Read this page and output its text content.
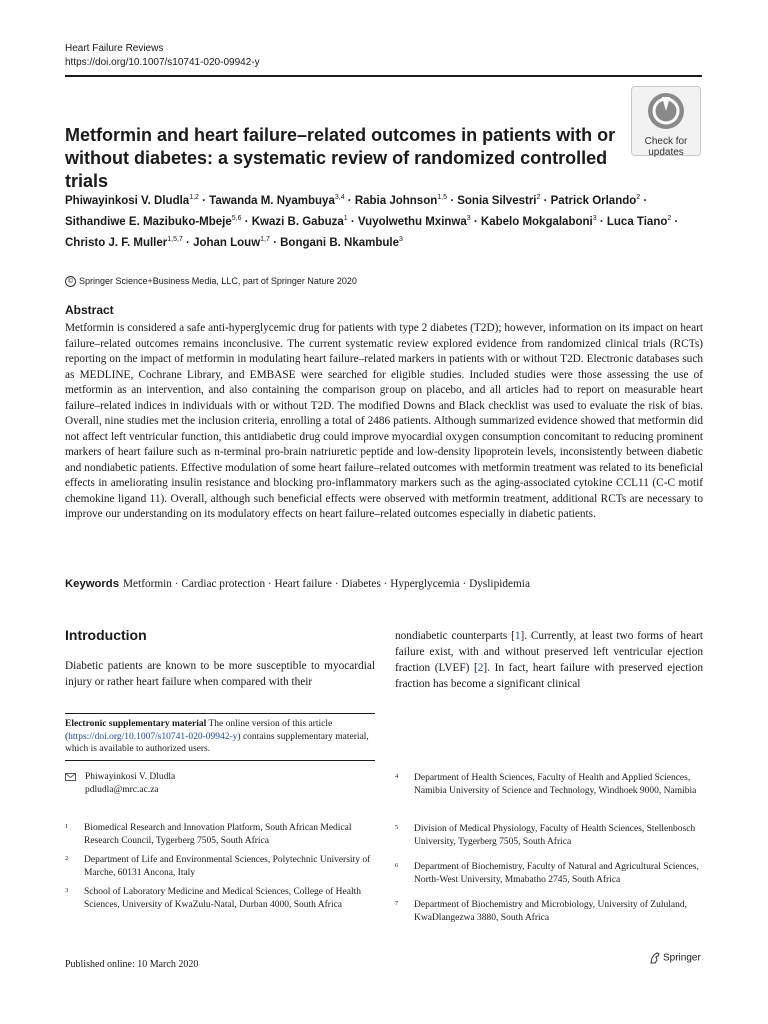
Heart Failure Reviews
https://doi.org/10.1007/s10741-020-09942-y
Check for
updates
Metformin and heart failure–related outcomes in patients with or without diabetes: a systematic review of randomized controlled trials
Phiwayinkosi V. Dludla$^{1,2}$ · Tawanda M. Nyambuya$^{3,4}$ · Rabia Johnson$^{1,5}$ · Sonia Silvestri$^2$ · Patrick Orlando$^2$ · Sithandiwe E. Mazibuko-Mbeje$^{5,6}$ · Kwazi B. Gabuza$^1$ · Vuyolwethu Mxinwa$^3$ · Kabelo Mokgalaboni$^3$ · Luca Tiano$^2$ · Christo J. F. Muller$^{1,5,7}$ · Johan Louw$^{1,7}$ · Bongani B. Nkambule$^3$
© Springer Science+Business Media, LLC, part of Springer Nature 2020
Abstract
Metformin is considered a safe anti-hyperglycemic drug for patients with type 2 diabetes (T2D); however, information on its impact on heart failure–related outcomes remains inconclusive. The current systematic review explored evidence from randomized clinical trials (RCTs) reporting on the impact of metformin in modulating heart failure–related markers in patients with or without T2D. Electronic databases such as MEDLINE, Cochrane Library, and EMBASE were searched for eligible studies. Included studies were those assessing the use of metformin as an intervention, and also containing the comparison group on placebo, and all articles had to report on measurable heart failure–related indices in individuals with or without T2D. The modified Downs and Black checklist was used to evaluate the risk of bias. Overall, nine studies met the inclusion criteria, enrolling a total of 2486 patients. Although summarized evidence showed that metformin did not affect left ventricular function, this antidiabetic drug could improve myocardial oxygen consumption concomitant to reducing prominent markers of heart failure such as n-terminal pro-brain natriuretic peptide and low-density lipoprotein levels, inconsistently between diabetic and nondiabetic patients. Effective modulation of some heart failure–related outcomes with metformin treatment was related to its beneficial effects in ameliorating insulin resistance and blocking pro-inflammatory markers such as the aging-associated cytokine CCL11 (C-C motif chemokine ligand 11). Overall, although such beneficial effects were observed with metformin treatment, additional RCTs are necessary to improve our understanding on its modulatory effects on heart failure–related outcomes especially in diabetic patients.
Keywords Metformin · Cardiac protection · Heart failure · Diabetes · Hyperglycemia · Dyslipidemia
Introduction
Diabetic patients are known to be more susceptible to myocardial injury or rather heart failure when compared with their
nondiabetic counterparts [1]. Currently, at least two forms of heart failure exist, with and without preserved left ventricular ejection fraction (LVEF) [2]. In fact, heart failure with preserved ejection fraction has become a significant clinical
Electronic supplementary material The online version of this article (https://doi.org/10.1007/s10741-020-09942-y) contains supplementary material, which is available to authorized users.
Phiwayinkosi V. Dludla
pdludla@mrc.ac.za
1 Biomedical Research and Innovation Platform, South African Medical Research Council, Tygerberg 7505, South Africa
2 Department of Life and Environmental Sciences, Polytechnic University of Marche, 60131 Ancona, Italy
3 School of Laboratory Medicine and Medical Sciences, College of Health Sciences, University of KwaZulu-Natal, Durban 4000, South Africa
4 Department of Health Sciences, Faculty of Health and Applied Sciences, Namibia University of Science and Technology, Windhoek 9000, Namibia
5 Division of Medical Physiology, Faculty of Health Sciences, Stellenbosch University, Tygerberg 7505, South Africa
6 Department of Biochemistry, Faculty of Natural and Agricultural Sciences, North-West University, Mmabatho 2745, South Africa
7 Department of Biochemistry and Microbiology, University of Zululand, KwaDlangezwa 3880, South Africa
Published online: 10 March 2020
Springer
